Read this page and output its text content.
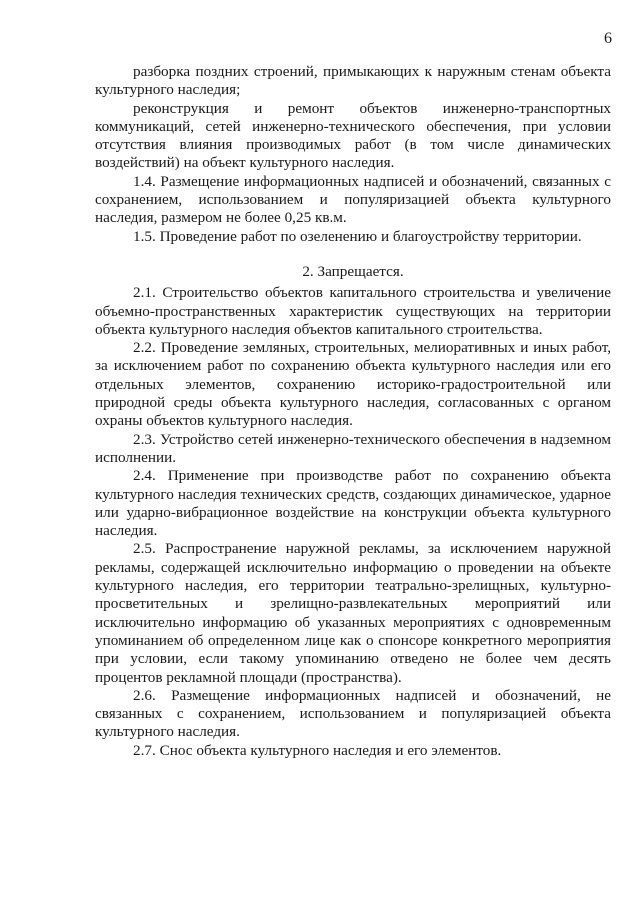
6

разборка поздних строений, примыкающих к наружным стенам объекта культурного наследия;

реконструкция и ремонт объектов инженерно-транспортных коммуникаций, сетей инженерно-технического обеспечения, при условии отсутствия влияния производимых работ (в том числе динамических воздействий) на объект культурного наследия.

1.4. Размещение информационных надписей и обозначений, связанных с сохранением, использованием и популяризацией объекта культурного наследия, размером не более 0,25 кв.м.

1.5. Проведение работ по озеленению и благоустройству территории.

2. Запрещается.

2.1. Строительство объектов капитального строительства и увеличение объемно-пространственных характеристик существующих на территории объекта культурного наследия объектов капитального строительства.

2.2. Проведение земляных, строительных, мелиоративных и иных работ, за исключением работ по сохранению объекта культурного наследия или его отдельных элементов, сохранению историко-градостроительной или природной среды объекта культурного наследия, согласованных с органом охраны объектов культурного наследия.

2.3. Устройство сетей инженерно-технического обеспечения в надземном исполнении.

2.4. Применение при производстве работ по сохранению объекта культурного наследия технических средств, создающих динамическое, ударное или ударно-вибрационное воздействие на конструкции объекта культурного наследия.

2.5. Распространение наружной рекламы, за исключением наружной рекламы, содержащей исключительно информацию о проведении на объекте культурного наследия, его территории театрально-зрелищных, культурно-просветительных и зрелищно-развлекательных мероприятий или исключительно информацию об указанных мероприятиях с одновременным упоминанием об определенном лице как о спонсоре конкретного мероприятия при условии, если такому упоминанию отведено не более чем десять процентов рекламной площади (пространства).

2.6. Размещение информационных надписей и обозначений, не связанных с сохранением, использованием и популяризацией объекта культурного наследия.

2.7. Снос объекта культурного наследия и его элементов.
